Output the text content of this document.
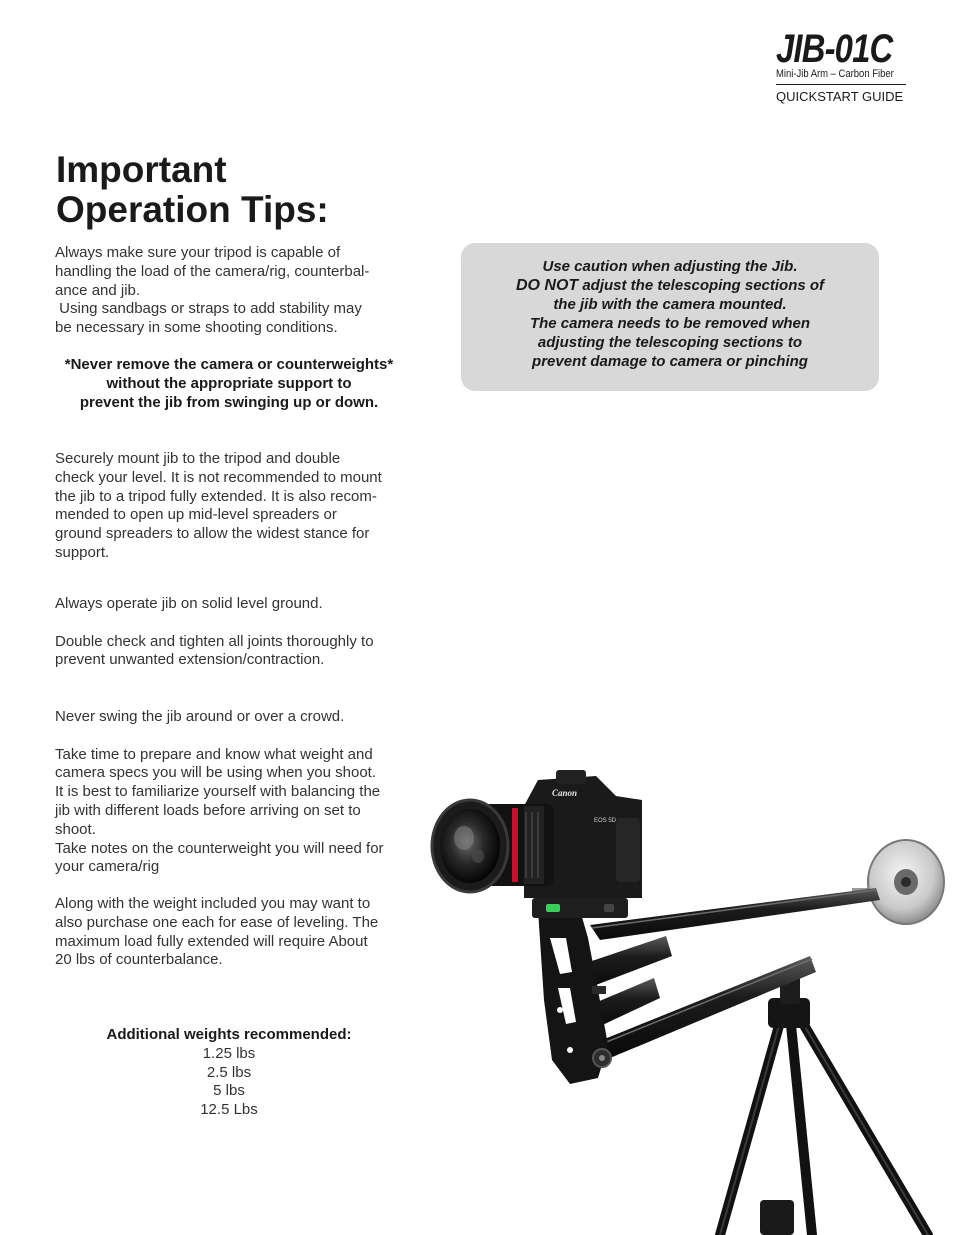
JIB-01C
Mini-Jib Arm – Carbon Fiber
QUICKSTART GUIDE
Important
Operation Tips:

Always make sure your tripod is capable of

handling the load of the camera/rig, counterbal-

ance and jib.

Using sandbags or straps to add stability may

be necessary in some shooting conditions.

*Never remove the camera or counterweights*
without the appropriate support to
prevent the jib from swinging up or down.

Securely mount jib to the tripod and double

check your level. It is not recommended to mount

the jib to a tripod fully extended. It is also recom-

mended to open up mid-level spreaders or

ground spreaders to allow the widest stance for

support.

Always operate jib on solid level ground.

Double check and tighten all joints thoroughly to

prevent unwanted extension/contraction.

Never swing the jib around or over a crowd.

Take time to prepare and know what weight and

camera specs you will be using when you shoot.

It is best to familiarize yourself with balancing the

jib with different loads before arriving on set to

shoot.

Take notes on the counterweight you will need for

your camera/rig

Along with the weight included you may want to

also purchase one each for ease of leveling. The

maximum load fully extended will require About

20 lbs of counterbalance.

Additional weights recommended:
1.25 lbs
2.5 lbs
5 lbs
12.5 Lbs
Use caution when adjusting the Jib.
DO NOT adjust the telescoping sections of
the jib with the camera mounted.
The camera needs to be removed when
adjusting the telescoping sections to
prevent damage to camera or pinching
Canon
EOS 5D
